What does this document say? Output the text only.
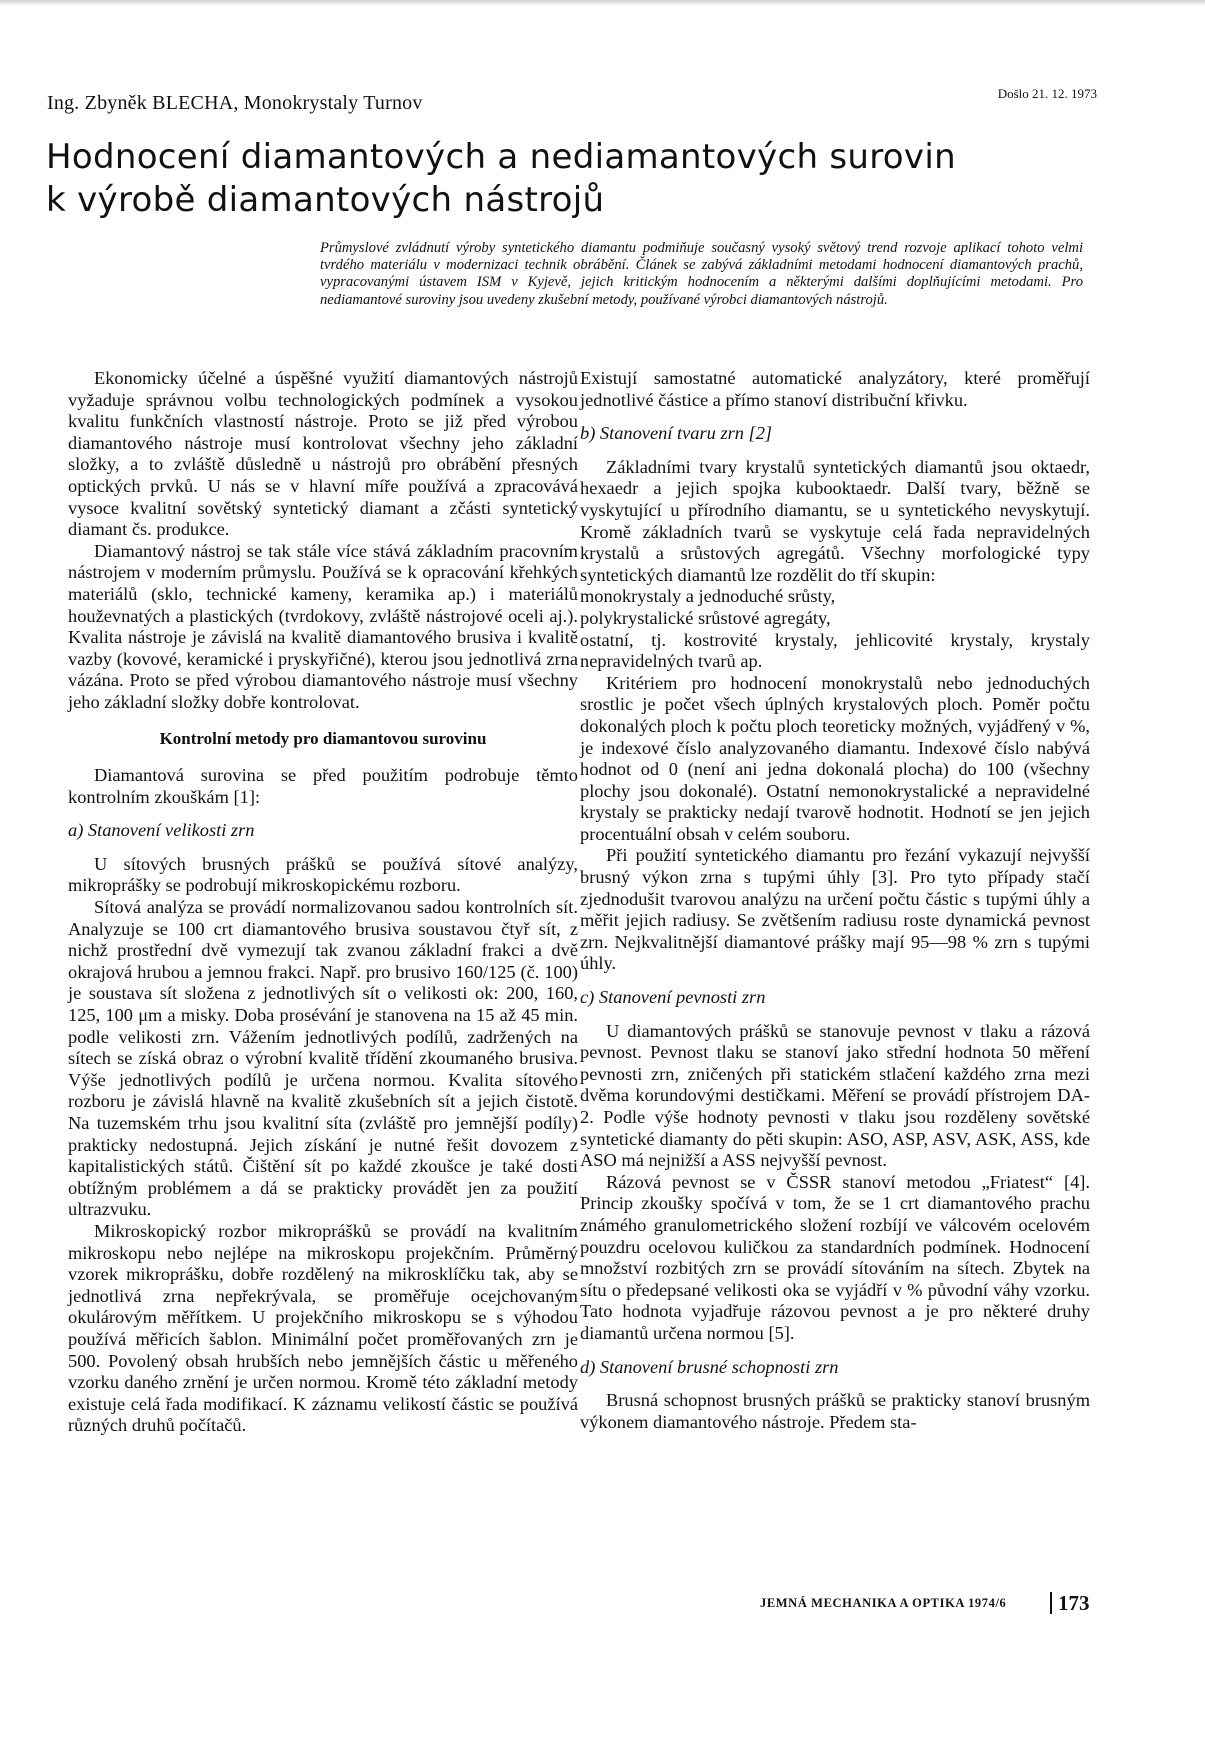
Ing. Zbyněk BLECHA, Monokrystaly Turnov	Došlo 21. 12. 1973
Hodnocení diamantových a nediamantových surovin
k výrobě diamantových nástrojů

Průmyslové zvládnutí výroby syntetického diamantu podmiňuje současný vysoký světový trend rozvoje aplikací tohoto velmi tvrdého materiálu v modernizaci technik obrábění. Článek se zabývá základními metodami hodnocení diamantových prachů, vypracovanými ústavem ISM v Kyjevě, jejich kritickým hodnocením a některými dalšími doplňujícími metodami. Pro nediamantové suroviny jsou uvedeny zkušební metody, používané výrobci diamantových nástrojů.

Ekonomicky účelné a úspěšné využití diamantových nástrojů vyžaduje správnou volbu technologických podmínek a vysokou kvalitu funkčních vlastností nástroje. Proto se již před výrobou diamantového nástroje musí kontrolovat všechny jeho základní složky, a to zvláště důsledně u nástrojů pro obrábění přesných optických prvků. U nás se v hlavní míře používá a zpracovává vysoce kvalitní sovětský syntetický diamant a zčásti syntetický diamant čs. produkce.

Diamantový nástroj se tak stále více stává základním pracovním nástrojem v moderním průmyslu. Používá se k opracování křehkých materiálů (sklo, technické kameny, keramika ap.) i materiálů houževnatých a plastických (tvrdokovy, zvláště nástrojové oceli aj.). Kvalita nástroje je závislá na kvalitě diamantového brusiva i kvalitě vazby (kovové, keramické i pryskyřičné), kterou jsou jednotlivá zrna vázána. Proto se před výrobou diamantového nástroje musí všechny jeho základní složky dobře kontrolovat.

Kontrolní metody pro diamantovou surovinu

Diamantová surovina se před použitím podrobuje těmto kontrolním zkouškám [1]:

a) Stanovení velikosti zrn

U sítových brusných prášků se používá sítové analýzy, mikroprášky se podrobují mikroskopickému rozboru.

Sítová analýza se provádí normalizovanou sadou kontrolních sít. Analyzuje se 100 crt diamantového brusiva soustavou čtyř sít, z nichž prostřední dvě vymezují tak zvanou základní frakci a dvě okrajová hrubou a jemnou frakci. Např. pro brusivo 160/125 (č. 100) je soustava sít složena z jednotlivých sít o velikosti ok: 200, 160, 125, 100 μm a misky. Doba prosévání je stanovena na 15 až 45 min. podle velikosti zrn. Vážením jednotlivých podílů, zadržených na sítech se získá obraz o výrobní kvalitě třídění zkoumaného brusiva. Výše jednotlivých podílů je určena normou. Kvalita sítového rozboru je závislá hlavně na kvalitě zkušebních sít a jejich čistotě. Na tuzemském trhu jsou kvalitní síta (zvláště pro jemnější podíly) prakticky nedostupná. Jejich získání je nutné řešit dovozem z kapitalistických států. Čištění sít po každé zkoušce je také dosti obtížným problémem a dá se prakticky provádět jen za použití ultrazvuku.

Mikroskopický rozbor mikroprášků se provádí na kvalitním mikroskopu nebo nejlépe na mikroskopu projekčním. Průměrný vzorek mikroprášku, dobře rozdělený na mikrosklíčku tak, aby se jednotlivá zrna nepřekrývala, se proměřuje ocejchovaným okulárovým měřítkem. U projekčního mikroskopu se s výhodou používá měřicích šablon. Minimální počet proměřovaných zrn je 500. Povolený obsah hrubších nebo jemnějších částic u měřeného vzorku daného zrnění je určen normou. Kromě této základní metody existuje celá řada modifikací. K záznamu velikostí částic se používá různých druhů počítačů.

Existují samostatné automatické analyzátory, které proměřují jednotlivé částice a přímo stanoví distribuční křivku.

b) Stanovení tvaru zrn [2]

Základními tvary krystalů syntetických diamantů jsou oktaedr, hexaedr a jejich spojka kubooktaedr. Další tvary, běžně se vyskytující u přírodního diamantu, se u syntetického nevyskytují. Kromě základních tvarů se vyskytuje celá řada nepravidelných krystalů a srůstových agregátů. Všechny morfologické typy syntetických diamantů lze rozdělit do tří skupin:

monokrystaly a jednoduché srůsty,

polykrystalické srůstové agregáty,

ostatní, tj. kostrovité krystaly, jehlicovité krystaly, krystaly nepravidelných tvarů ap.

Kritériem pro hodnocení monokrystalů nebo jednoduchých srostlic je počet všech úplných krystalových ploch. Poměr počtu dokonalých ploch k počtu ploch teoreticky možných, vyjádřený v %, je indexové číslo analyzovaného diamantu. Indexové číslo nabývá hodnot od 0 (není ani jedna dokonalá plocha) do 100 (všechny plochy jsou dokonalé). Ostatní nemonokrystalické a nepravidelné krystaly se prakticky nedají tvarově hodnotit. Hodnotí se jen jejich procentuální obsah v celém souboru.

Při použití syntetického diamantu pro řezání vykazují nejvyšší brusný výkon zrna s tupými úhly [3]. Pro tyto případy stačí zjednodušit tvarovou analýzu na určení počtu částic s tupými úhly a měřit jejich radiusy. Se zvětšením radiusu roste dynamická pevnost zrn. Nejkvalitnější diamantové prášky mají 95—98 % zrn s tupými úhly.

c) Stanovení pevnosti zrn

U diamantových prášků se stanovuje pevnost v tlaku a rázová pevnost. Pevnost tlaku se stanoví jako střední hodnota 50 měření pevnosti zrn, zničených při statickém stlačení každého zrna mezi dvěma korundovými destičkami. Měření se provádí přístrojem DA-2. Podle výše hodnoty pevnosti v tlaku jsou rozděleny sovětské syntetické diamanty do pěti skupin: ASO, ASP, ASV, ASK, ASS, kde ASO má nejnižší a ASS nejvyšší pevnost.

Rázová pevnost se v ČSSR stanoví metodou „Friatest“ [4]. Princip zkoušky spočívá v tom, že se 1 crt diamantového prachu známého granulometrického složení rozbíjí ve válcovém ocelovém pouzdru ocelovou kuličkou za standardních podmínek. Hodnocení množství rozbitých zrn se provádí sítováním na sítech. Zbytek na sítu o předepsané velikosti oka se vyjádří v % původní váhy vzorku. Tato hodnota vyjadřuje rázovou pevnost a je pro některé druhy diamantů určena normou [5].

d) Stanovení brusné schopnosti zrn

Brusná schopnost brusných prášků se prakticky stanoví brusným výkonem diamantového nástroje. Předem sta-

JEMNÁ MECHANIKA A OPTIKA 1974/6 173
